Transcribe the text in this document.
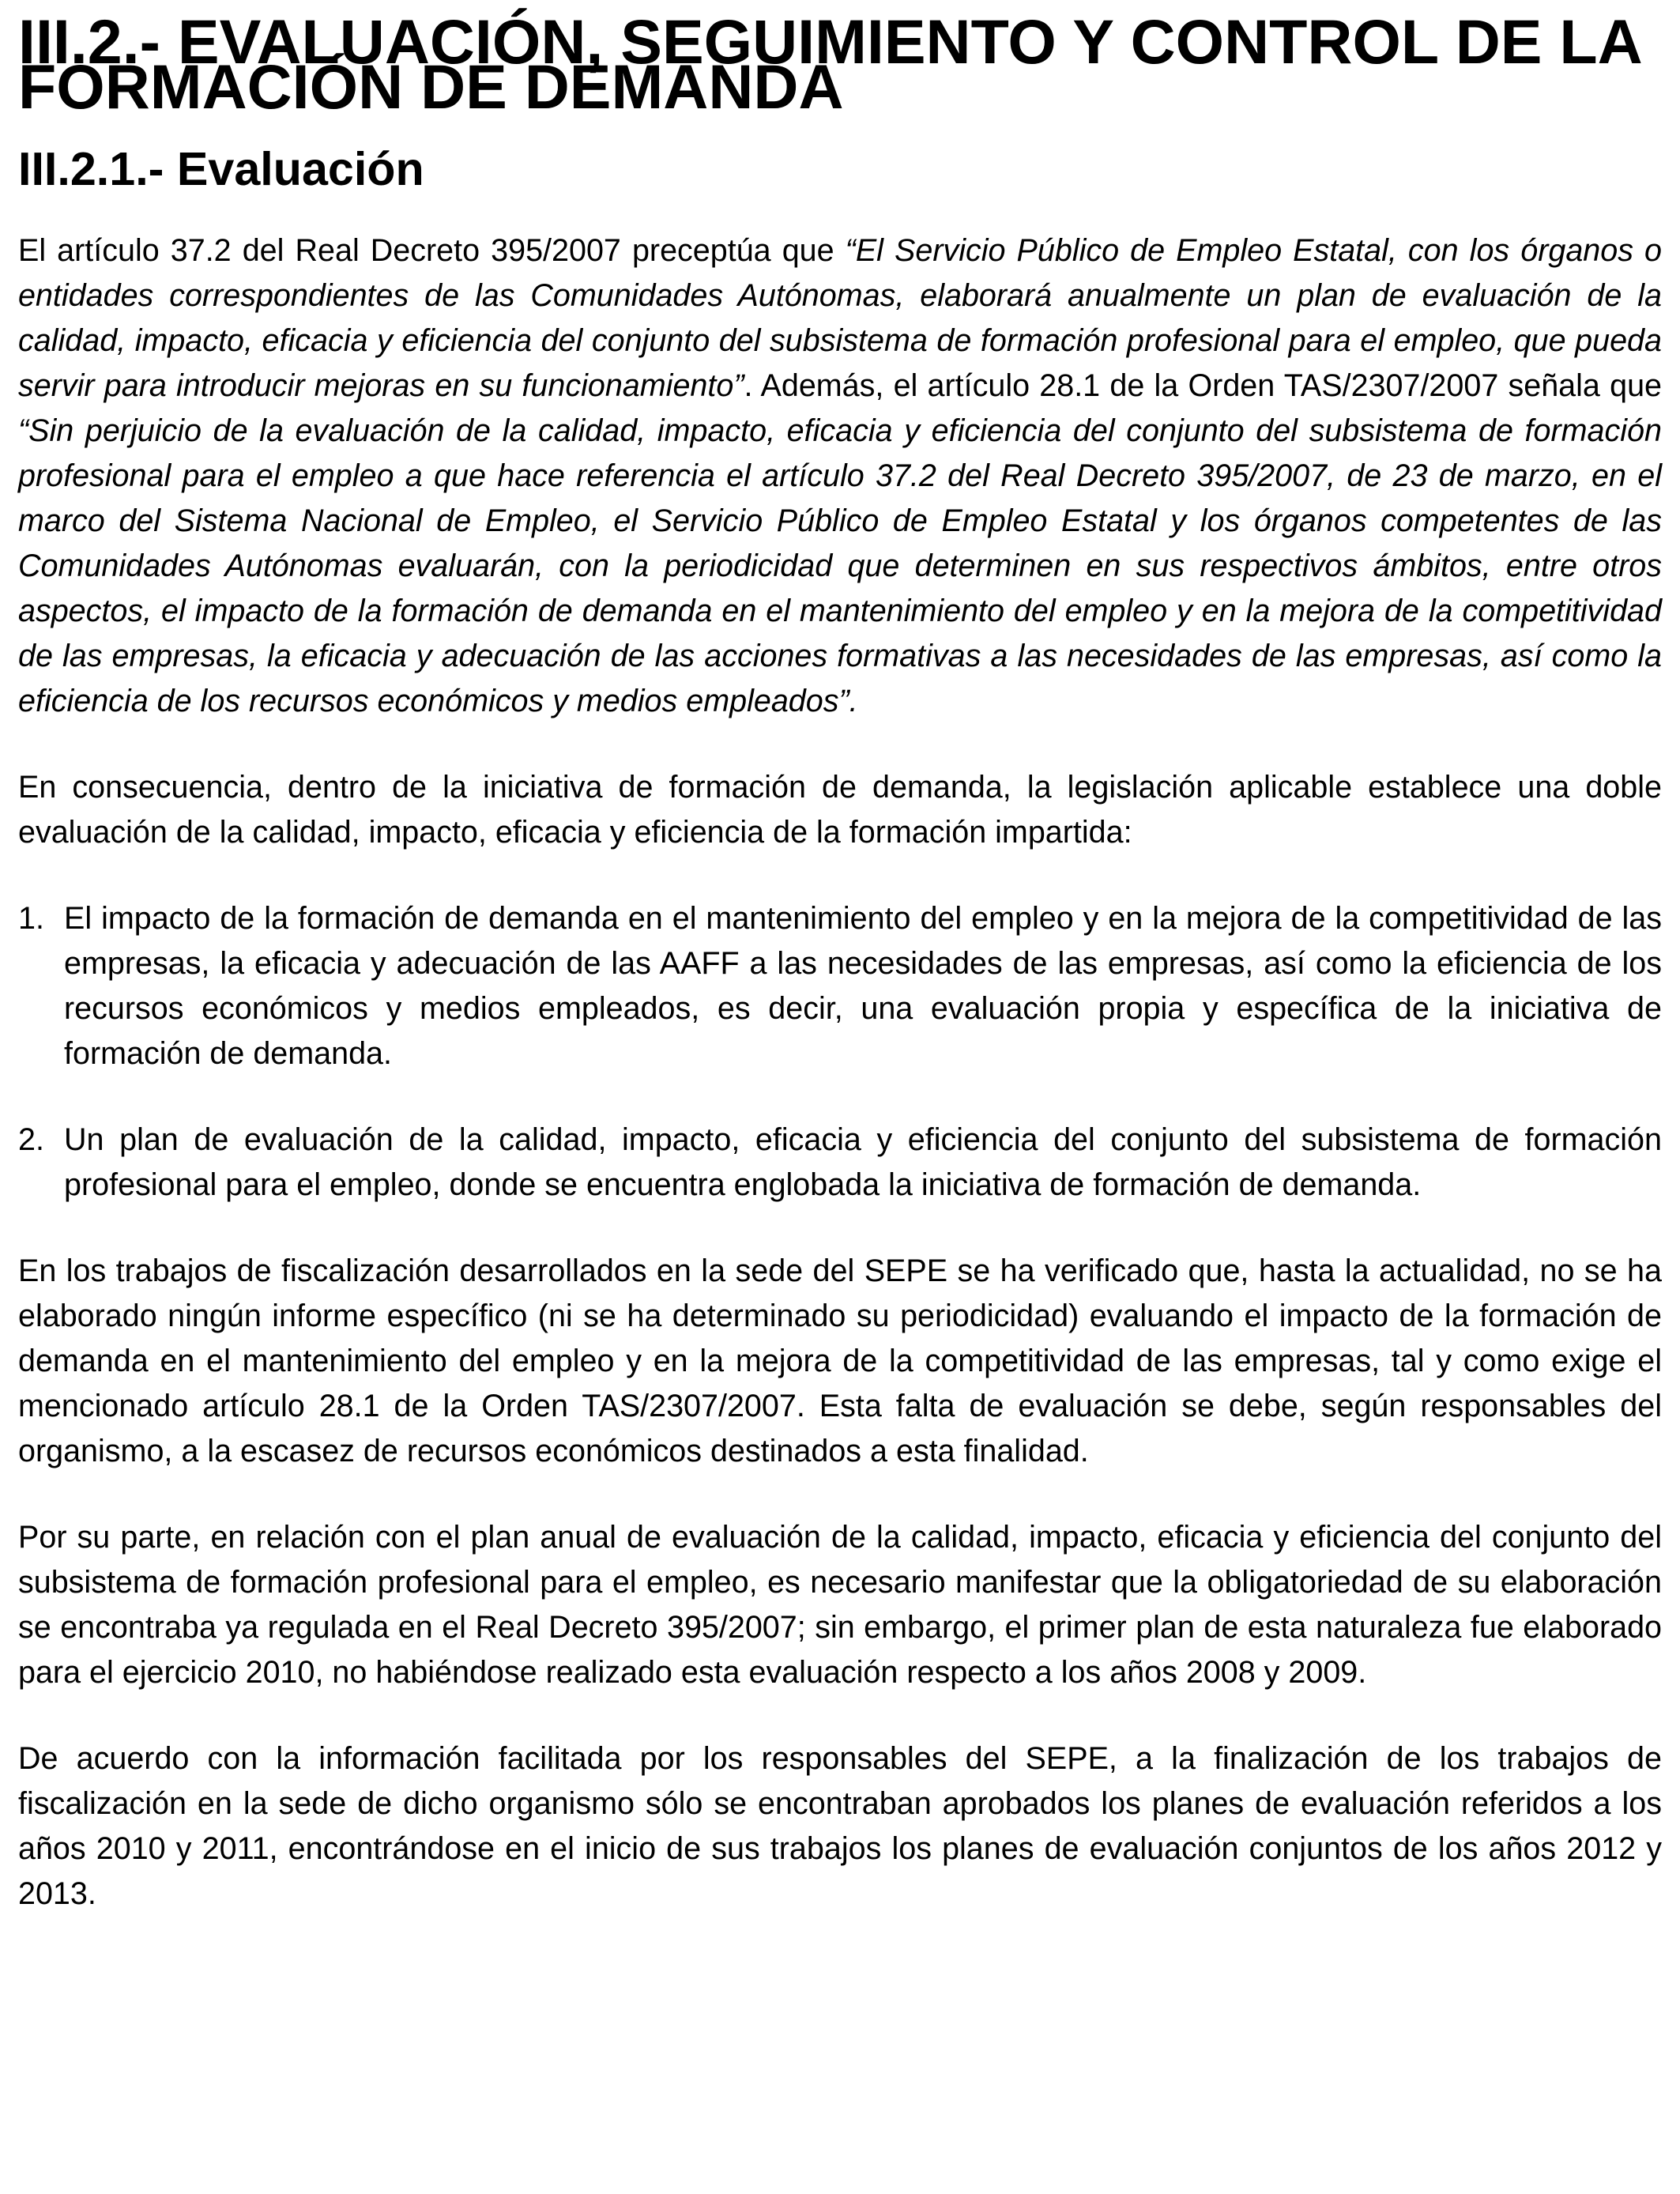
III.2.- EVALUACIÓN, SEGUIMIENTO Y CONTROL DE LA FORMACIÓN DE DEMANDA
III.2.1.- Evaluación

El artículo 37.2 del Real Decreto 395/2007 preceptúa que “El Servicio Público de Empleo Estatal, con los órganos o entidades correspondientes de las Comunidades Autónomas, elaborará anualmente un plan de evaluación de la calidad, impacto, eficacia y eficiencia del conjunto del subsistema de formación profesional para el empleo, que pueda servir para introducir mejoras en su funcionamiento”. Además, el artículo 28.1 de la Orden TAS/2307/2007 señala que “Sin perjuicio de la evaluación de la calidad, impacto, eficacia y eficiencia del conjunto del subsistema de formación profesional para el empleo a que hace referencia el artículo 37.2 del Real Decreto 395/2007, de 23 de marzo, en el marco del Sistema Nacional de Empleo, el Servicio Público de Empleo Estatal y los órganos competentes de las Comunidades Autónomas evaluarán, con la periodicidad que determinen en sus respectivos ámbitos, entre otros aspectos, el impacto de la formación de demanda en el mantenimiento del empleo y en la mejora de la competitividad de las empresas, la eficacia y adecuación de las acciones formativas a las necesidades de las empresas, así como la eficiencia de los recursos económicos y medios empleados”.

En consecuencia, dentro de la iniciativa de formación de demanda, la legislación aplicable establece una doble evaluación de la calidad, impacto, eficacia y eficiencia de la formación impartida:

1. El impacto de la formación de demanda en el mantenimiento del empleo y en la mejora de la competitividad de las empresas, la eficacia y adecuación de las AAFF a las necesidades de las empresas, así como la eficiencia de los recursos económicos y medios empleados, es decir, una evaluación propia y específica de la iniciativa de formación de demanda.
2. Un plan de evaluación de la calidad, impacto, eficacia y eficiencia del conjunto del subsistema de formación profesional para el empleo, donde se encuentra englobada la iniciativa de formación de demanda.

En los trabajos de fiscalización desarrollados en la sede del SEPE se ha verificado que, hasta la actualidad, no se ha elaborado ningún informe específico (ni se ha determinado su periodicidad) evaluando el impacto de la formación de demanda en el mantenimiento del empleo y en la mejora de la competitividad de las empresas, tal y como exige el mencionado artículo 28.1 de la Orden TAS/2307/2007. Esta falta de evaluación se debe, según responsables del organismo, a la escasez de recursos económicos destinados a esta finalidad.

Por su parte, en relación con el plan anual de evaluación de la calidad, impacto, eficacia y eficiencia del conjunto del subsistema de formación profesional para el empleo, es necesario manifestar que la obligatoriedad de su elaboración se encontraba ya regulada en el Real Decreto 395/2007; sin embargo, el primer plan de esta naturaleza fue elaborado para el ejercicio 2010, no habiéndose realizado esta evaluación respecto a los años 2008 y 2009.

De acuerdo con la información facilitada por los responsables del SEPE, a la finalización de los trabajos de fiscalización en la sede de dicho organismo sólo se encontraban aprobados los planes de evaluación referidos a los años 2010 y 2011, encontrándose en el inicio de sus trabajos los planes de evaluación conjuntos de los años 2012 y 2013.
